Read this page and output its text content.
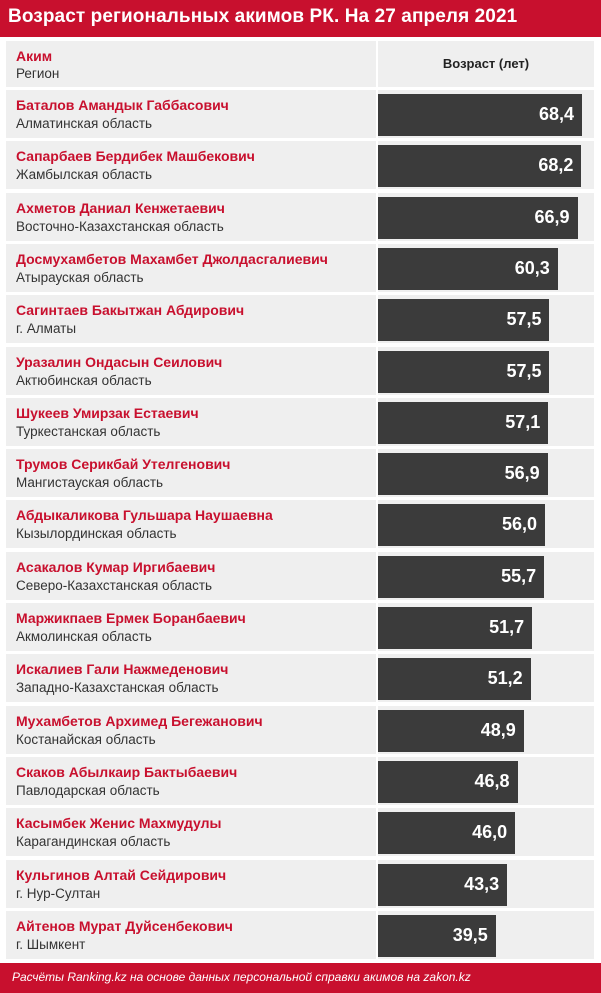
Возраст региональных акимов РК. На 27 апреля 2021
Аким
Регион
Возраст (лет)
Баталов Амандык Габбасович
Алматинская область	68,4
Сапарбаев Бердибек Машбекович
Жамбылская область	68,2
Ахметов Даниал Кенжетаевич
Восточно-Казахстанская область	66,9
Досмухамбетов Махамбет Джолдасгалиевич
Атырауская область	60,3
Сагинтаев Бакытжан Абдирович
г. Алматы	57,5
Уразалин Ондасын Сеилович
Актюбинская область	57,5
Шукеев Умирзак Естаевич
Туркестанская область	57,1
Трумов Серикбай Утелгенович
Мангистауская область	56,9
Абдыкаликова Гульшара Наушаевна
Кызылординская область	56,0
Асакалов Кумар Иргибаевич
Северо-Казахстанская область	55,7
Маржикпаев Ермек Боранбаевич
Акмолинская область	51,7
Искалиев Гали Нажмеденович
Западно-Казахстанская область	51,2
Мухамбетов Архимед Бегежанович
Костанайская область	48,9
Скаков Абылкаир Бактыбаевич
Павлодарская область	46,8
Касымбек Женис Махмудулы
Карагандинская область	46,0
Кульгинов Алтай Сейдирович
г. Нур-Султан	43,3
Айтенов Мурат Дуйсенбекович
г. Шымкент	39,5
Расчёты Ranking.kz на основе данных персональной справки акимов на zakon.kz
